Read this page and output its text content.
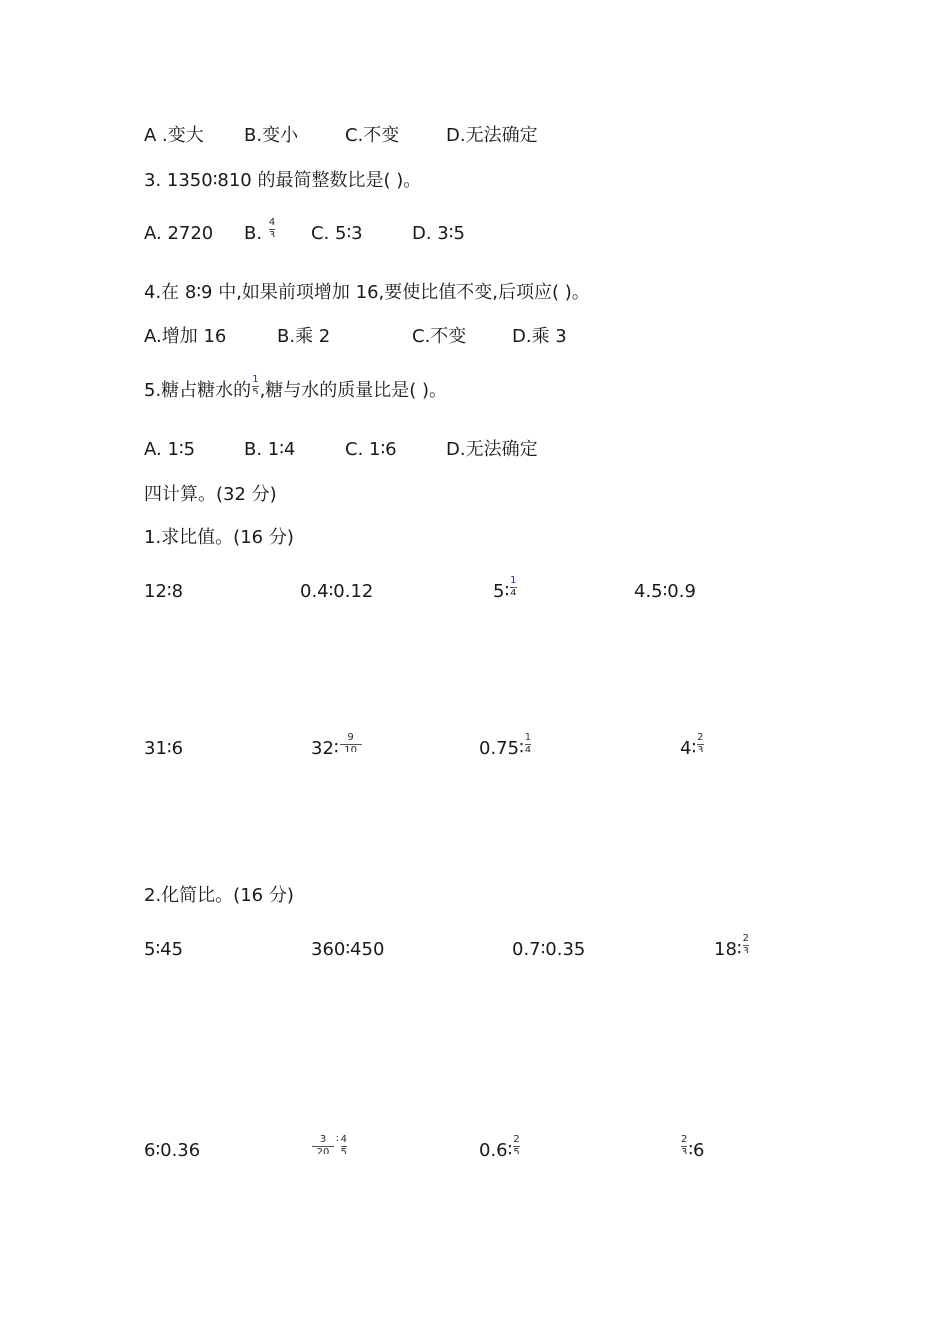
A .变大 B.变小	C.不变	D.无法确定
3. 1350∶810 的最简整数比是( )。
A. 2720 B. $\frac{4}{3} C$. 5∶3	D. 3∶5
4.在 8∶9 中,如果前项增加 16,要使比值不变,后项应( )。
A.增加 16	B.乘 2	C.不变	D.乘 3
5.糖占糖水的 $\frac{1}{5}$ ,糖与水的质量比是( )。
A. 1∶5	B. 1∶4	C. 1∶6	D.无法确定
四计算。(32 分)
1.求比值。(16 分)
12∶8	0.4∶0.12	5∶ $\frac{1}{4}$	4.5∶0.9
31∶6	32∶ $\frac{9}{10}$	0.75∶ $\frac{1}{4}$	4∶ $\frac{2}{3}$
2.化简比。(16 分)
5∶45	360∶450	0.7∶0.35	18∶ $\frac{2}{3}$
6∶0.36	$\frac{3}{20}$ ∶ $\frac{4}{5}$	0.6∶ $\frac{2}{5}$	$\frac{2}{3}$ ∶6
